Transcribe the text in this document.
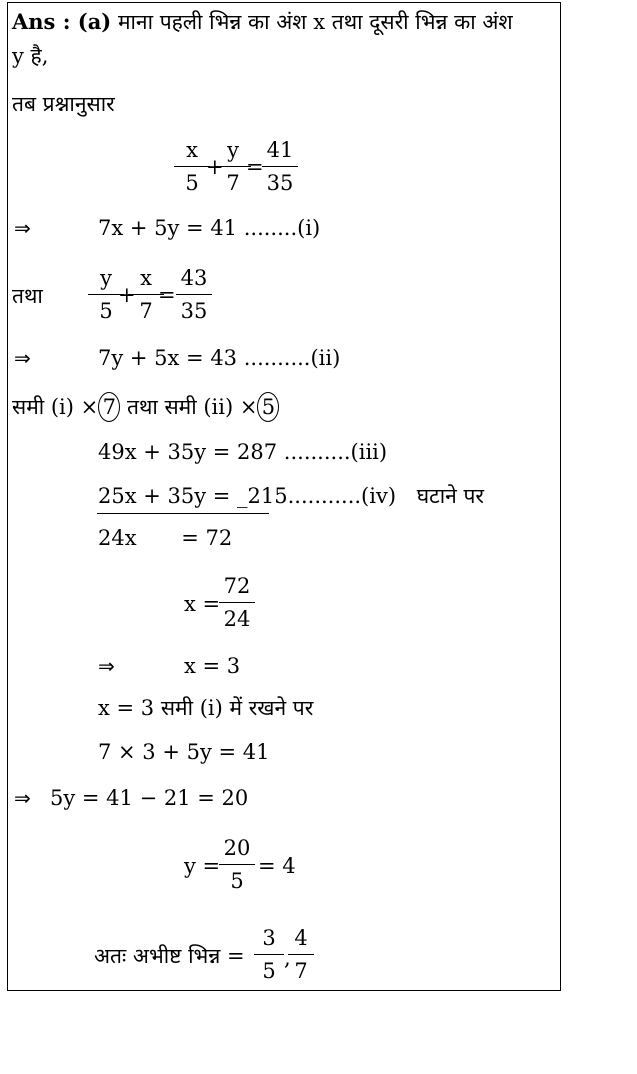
Ans : (a) माना पहली भिन्न का अंश x तथा दूसरी भिन्न का अंश
y है,
तब प्रश्नानुसार
x
5
+
y
7
=
41
35
⇒	7x + 5y = 41 ........(i)
तथा
y
5
+
x
7
=
43
35
⇒	7y + 5x = 43 ..........(ii)
समी (i) × 7 तथा समी (ii) × 5
49x + 35y = 287 ..........(iii)
25x + 35y = _215...........(iv) घटाने पर
24x = 72
x =
72
24
⇒	x = 3
x = 3 समी (i) में रखने पर
7 × 3 + 5y = 41
⇒ 5y = 41 − 21 = 20
y =
20
5
= 4
अतः अभीष्ट भिन्न =
3
5
,
4
7
